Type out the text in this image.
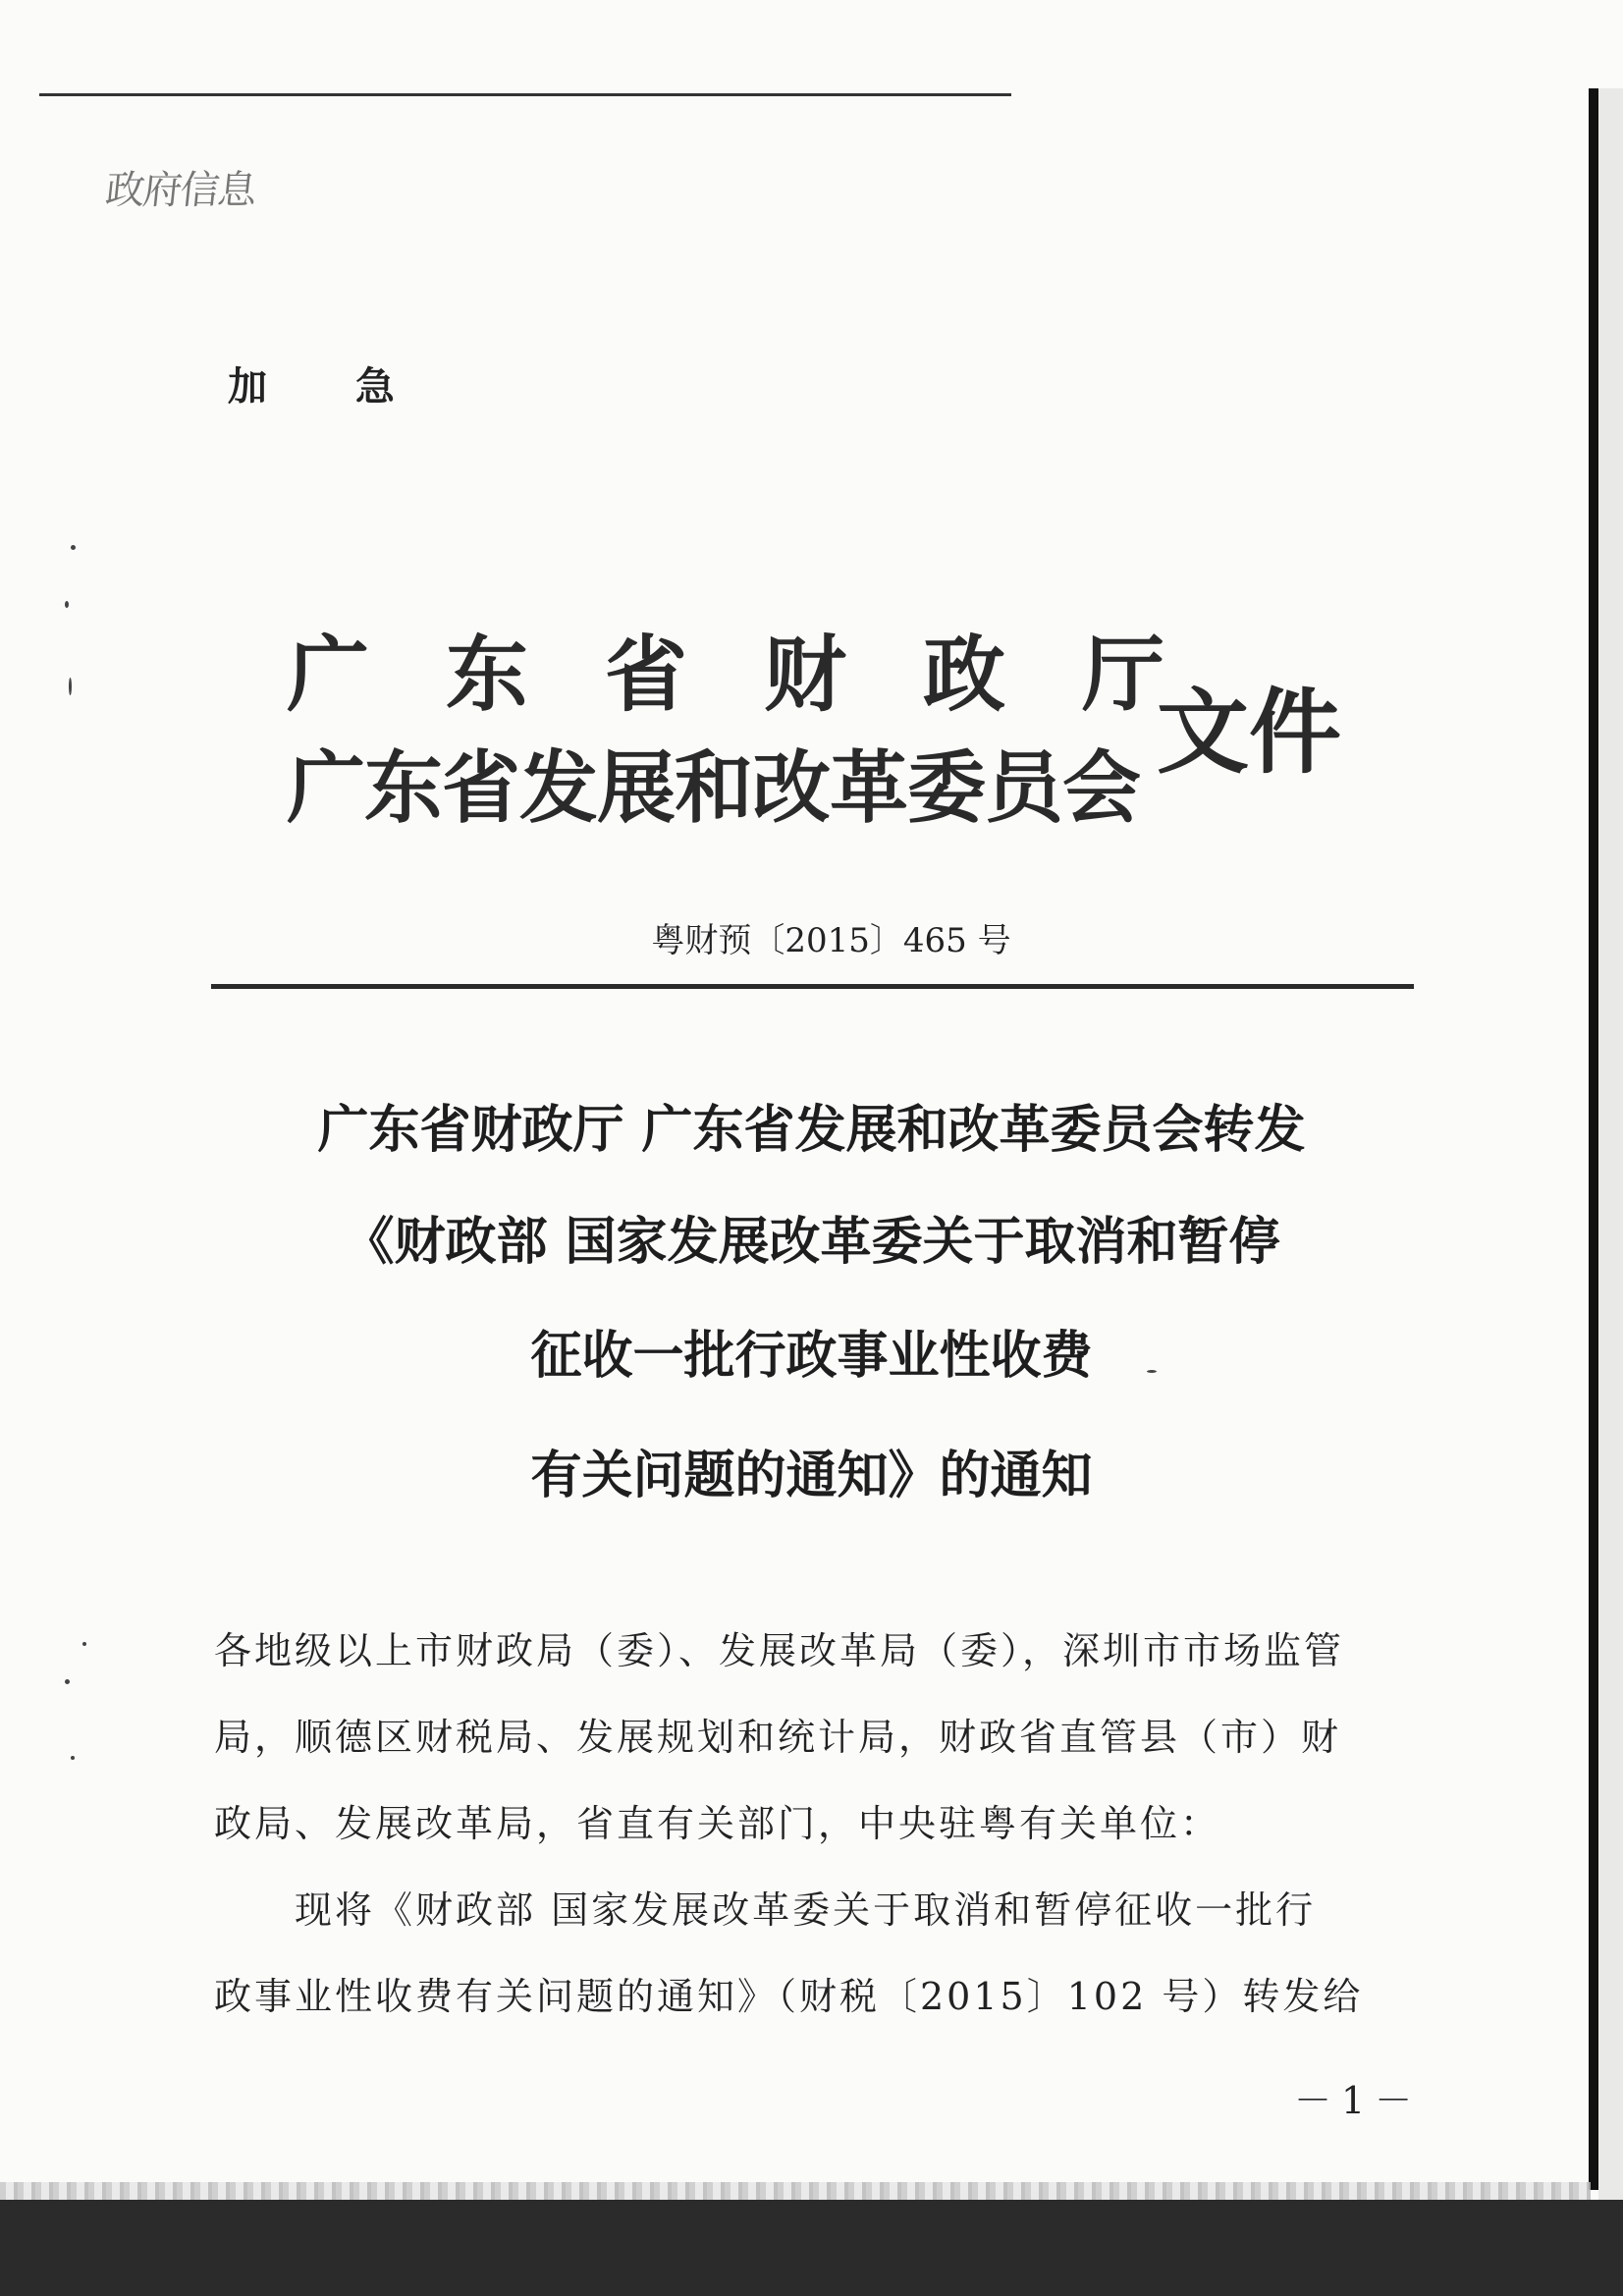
政府信息
加 急
广东省财政厅
广东省发展和改革委员会
文件
粤财预〔2015〕465 号
广东省财政厅 广东省发展和改革委员会转发
《财政部 国家发展改革委关于取消和暂停
征收一批行政事业性收费
有关问题的通知》的通知
各地级以上市财政局（委）、发展改革局（委），深圳市市场监管
局，顺德区财税局、发展规划和统计局，财政省直管县（市）财
政局、发展改革局，省直有关部门，中央驻粤有关单位：
现将《财政部 国家发展改革委关于取消和暂停征收一批行
政事业性收费有关问题的通知》（财税〔2015〕102 号）转发给
－1－
